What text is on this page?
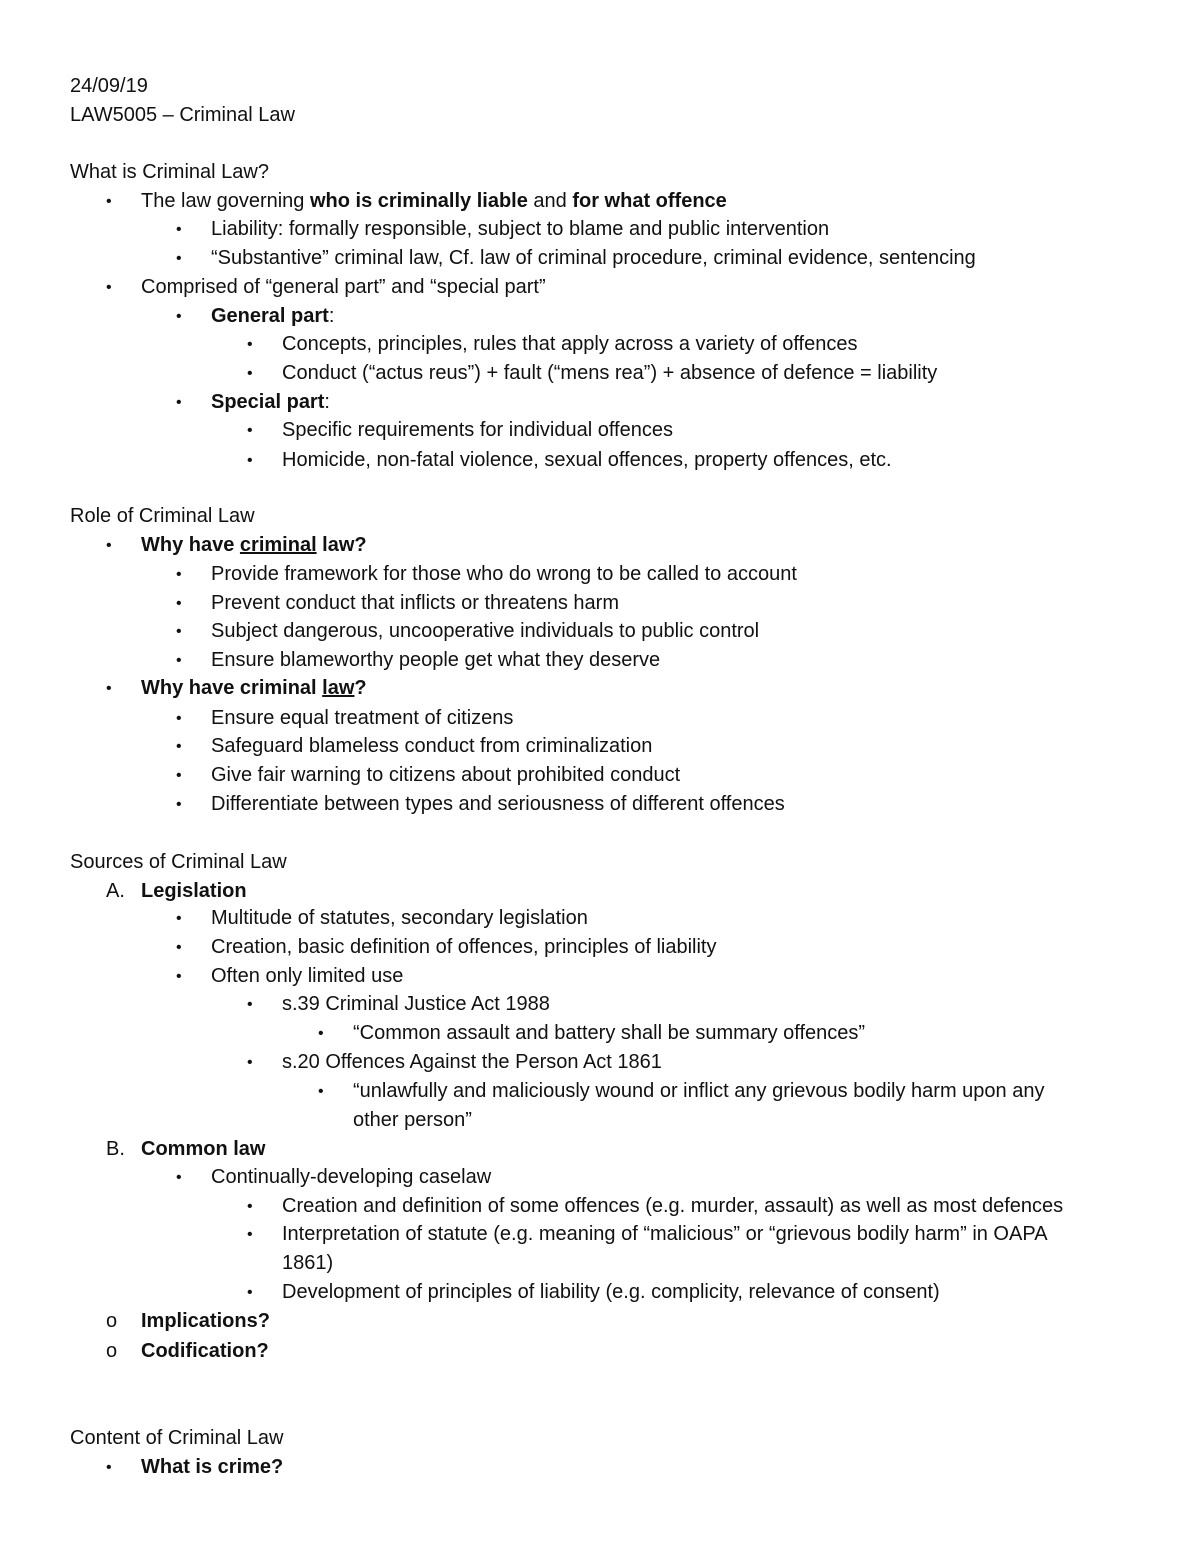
24/09/19
LAW5005 – Criminal Law
What is Criminal Law?
• The law governing who is criminally liable and for what offence
• Liability: formally responsible, subject to blame and public intervention
• “Substantive” criminal law, Cf. law of criminal procedure, criminal evidence, sentencing
• Comprised of “general part” and “special part”
• General part:
• Concepts, principles, rules that apply across a variety of offences
• Conduct (“actus reus”) + fault (“mens rea”) + absence of defence = liability
• Special part:
• Specific requirements for individual offences
• Homicide, non-fatal violence, sexual offences, property offences, etc.
Role of Criminal Law
• Why have criminal law?
• Provide framework for those who do wrong to be called to account
• Prevent conduct that inflicts or threatens harm
• Subject dangerous, uncooperative individuals to public control
• Ensure blameworthy people get what they deserve
• Why have criminal law?
• Ensure equal treatment of citizens
• Safeguard blameless conduct from criminalization
• Give fair warning to citizens about prohibited conduct
• Differentiate between types and seriousness of different offences
Sources of Criminal Law
A. Legislation
• Multitude of statutes, secondary legislation
• Creation, basic definition of offences, principles of liability
• Often only limited use
• s.39 Criminal Justice Act 1988
• “Common assault and battery shall be summary offences”
• s.20 Offences Against the Person Act 1861
• “unlawfully and maliciously wound or inflict any grievous bodily harm upon any
other person”
B. Common law
• Continually-developing caselaw
• Creation and definition of some offences (e.g. murder, assault) as well as most defences
• Interpretation of statute (e.g. meaning of “malicious” or “grievous bodily harm” in OAPA
1861)
• Development of principles of liability (e.g. complicity, relevance of consent)
o Implications?
o Codification?
Content of Criminal Law
• What is crime?
